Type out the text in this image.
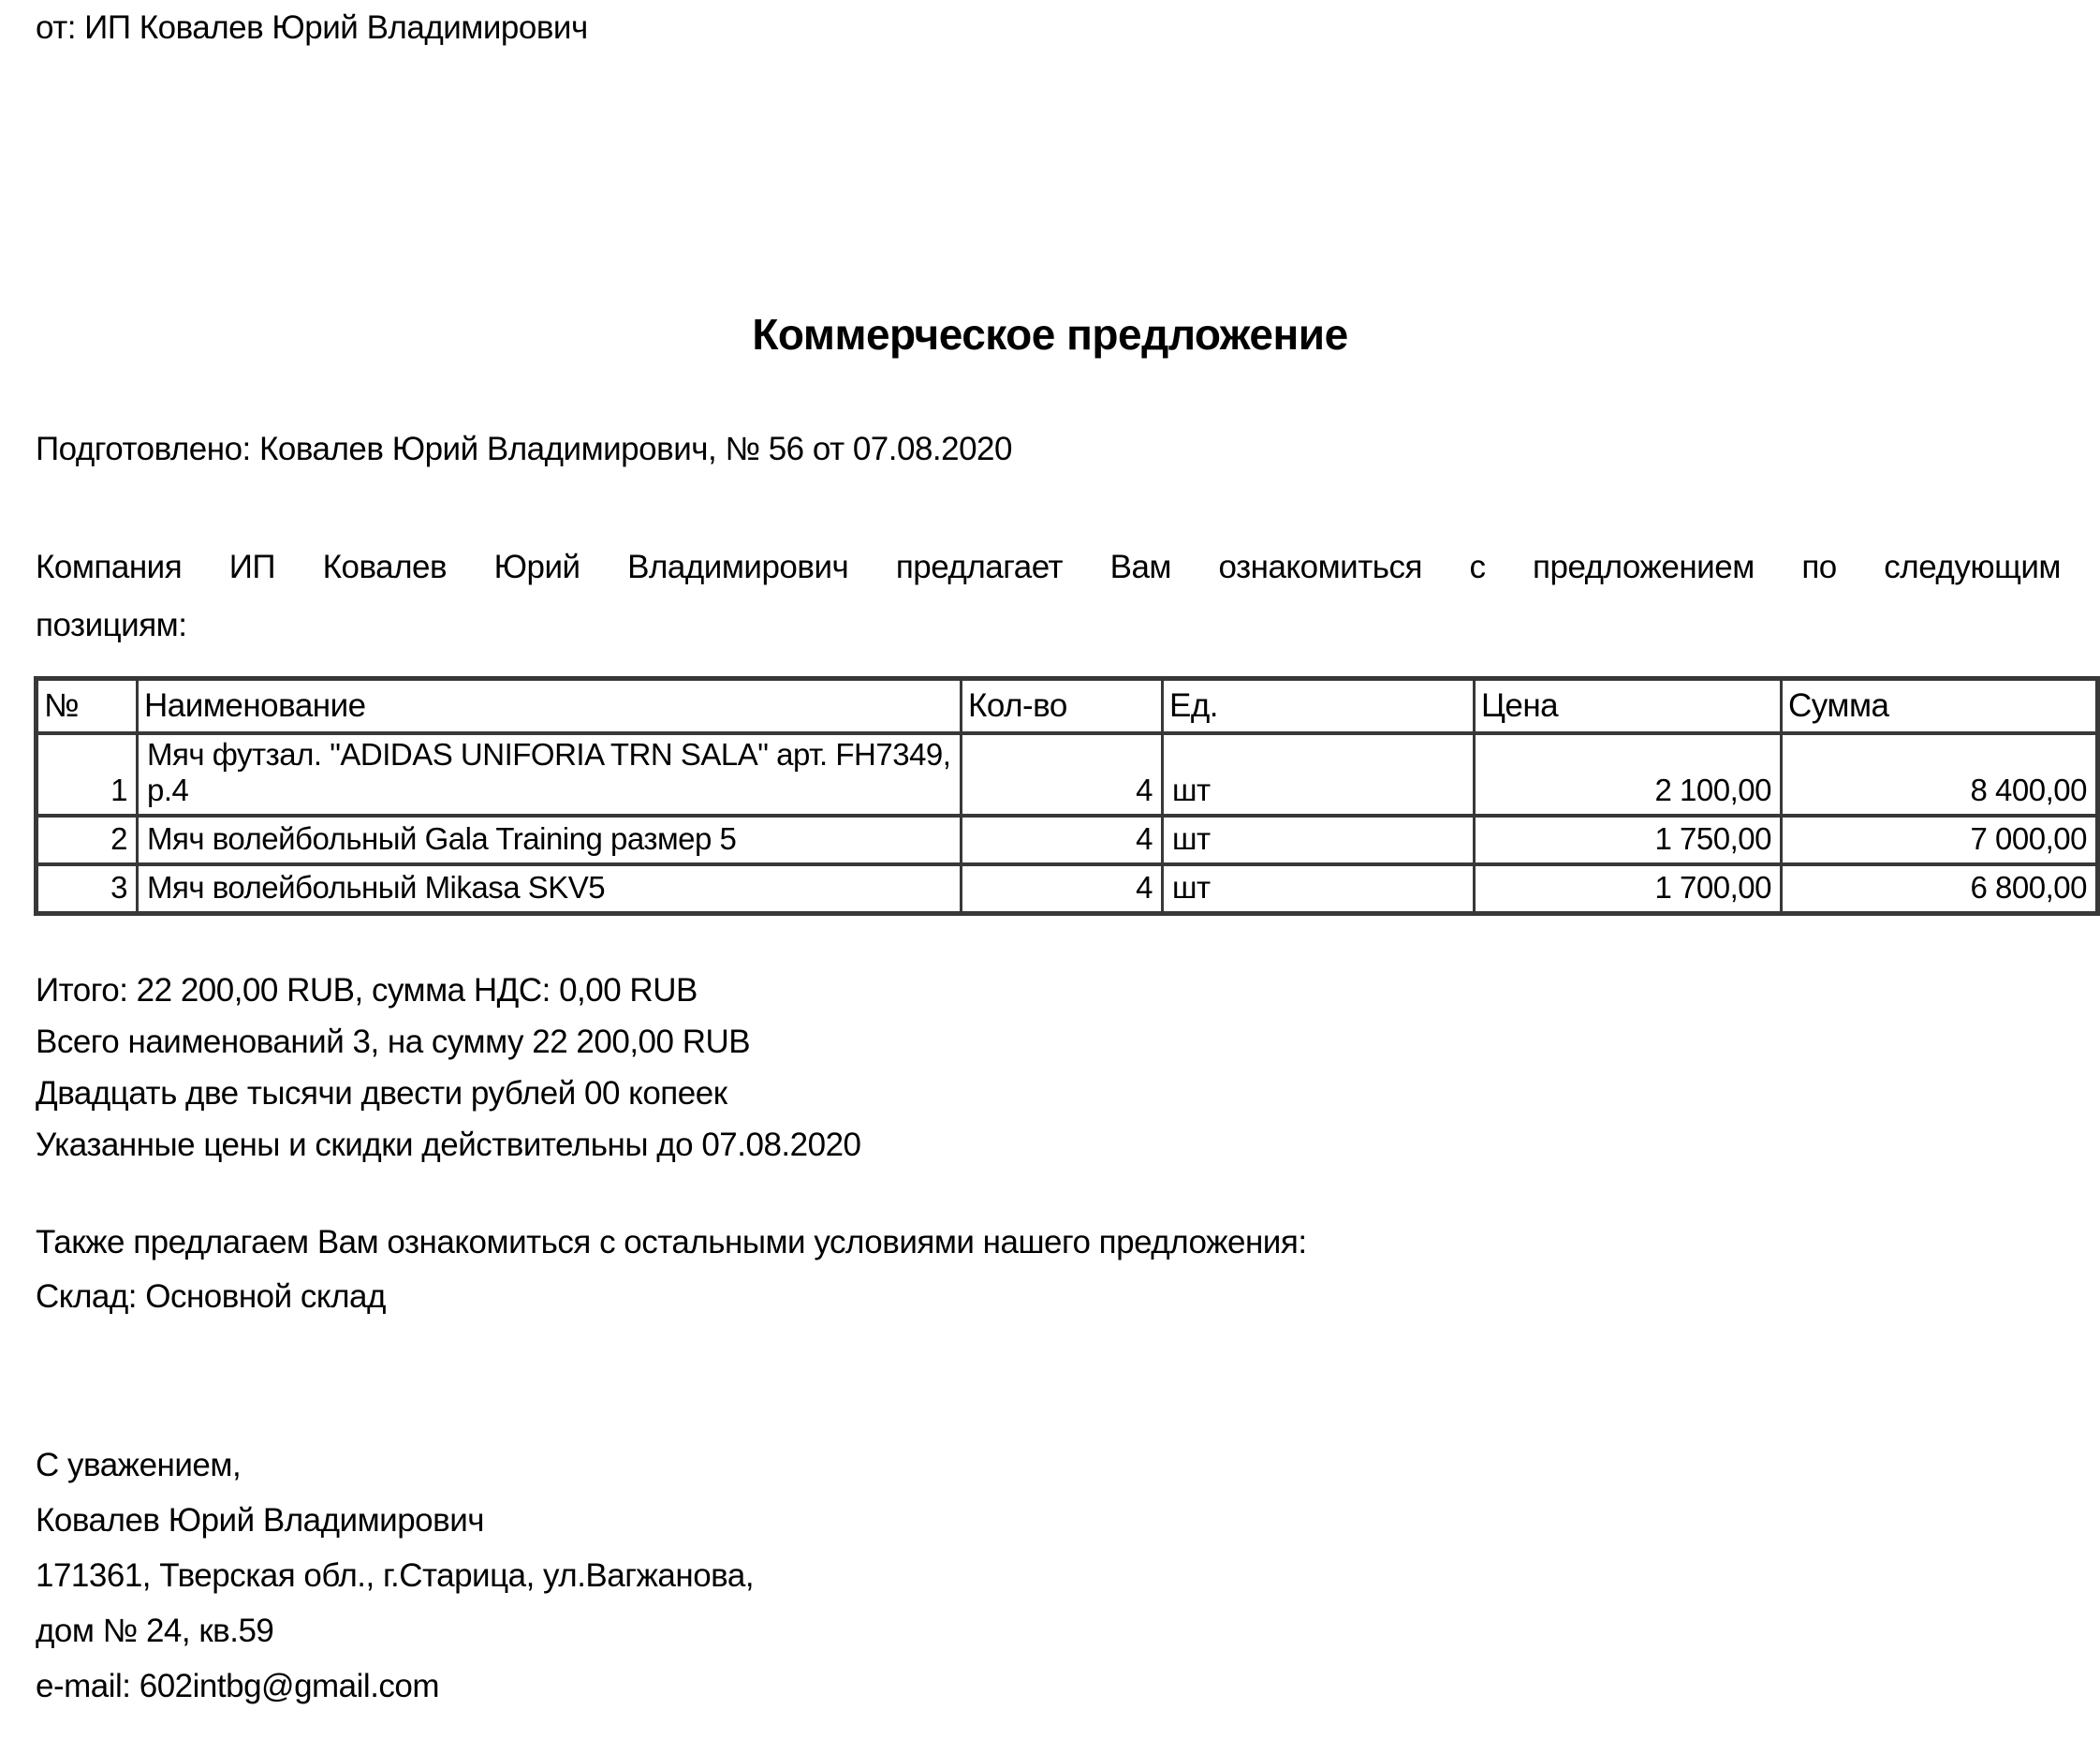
от: ИП Ковалев Юрий Владимирович
Коммерческое предложение
Подготовлено: Ковалев Юрий Владимирович, № 56 от 07.08.2020
Компания ИП Ковалев Юрий Владимирович предлагает Вам ознакомиться с предложением по следующим
позициям:
№	Наименование	Кол-во	Ед.	Цена	Сумма
1	Мяч футзал. "ADIDAS UNIFORIA TRN SALA" арт. FH7349, р.4	4	шт	2 100,00	8 400,00
2	Мяч волейбольный Gala Training размер 5	4	шт	1 750,00	7 000,00
3	Мяч волейбольный Mikasa SKV5	4	шт	1 700,00	6 800,00
Итого: 22 200,00 RUB, сумма НДС: 0,00 RUB
Всего наименований 3, на сумму 22 200,00 RUB
Двадцать две тысячи двести рублей 00 копеек
Указанные цены и скидки действительны до 07.08.2020
Также предлагаем Вам ознакомиться с остальными условиями нашего предложения:
Склад: Основной склад
С уважением,
Ковалев Юрий Владимирович
171361, Тверская обл., г.Старица, ул.Вагжанова,
дом № 24, кв.59
e-mail: 602intbg@gmail.com
